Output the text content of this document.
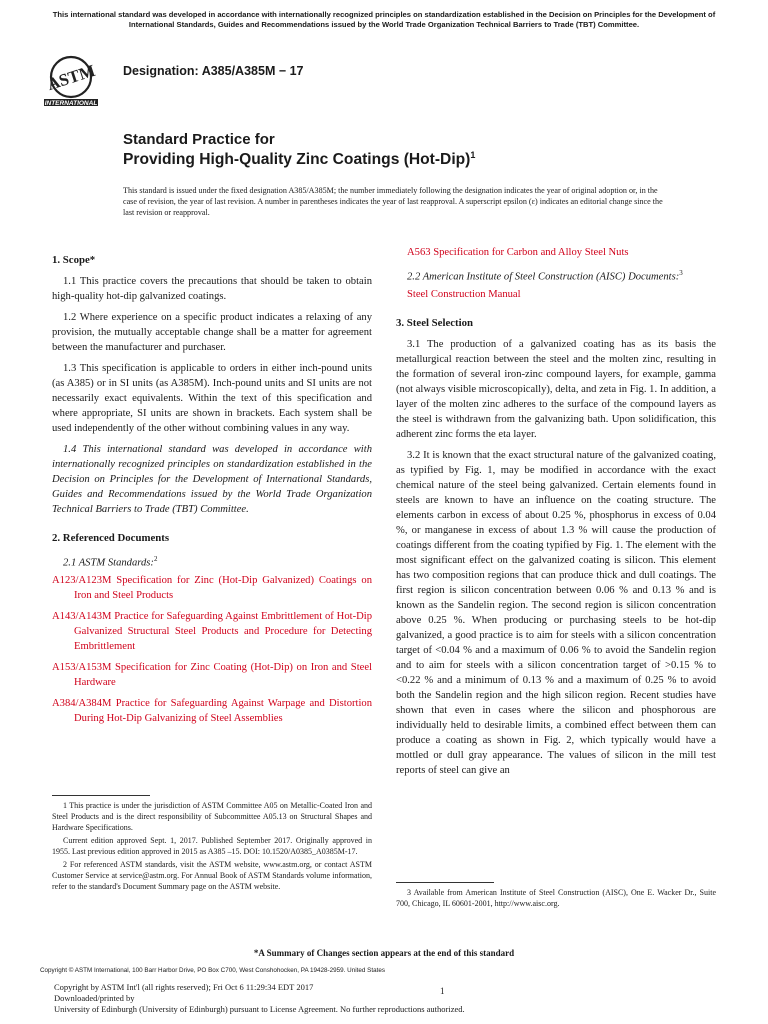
This international standard was developed in accordance with internationally recognized principles on standardization established in the Decision on Principles for the Development of International Standards, Guides and Recommendations issued by the World Trade Organization Technical Barriers to Trade (TBT) Committee.
ASTM
INTERNATIONAL
Designation: A385/A385M − 17
Standard Practice for
Providing High-Quality Zinc Coatings $(Hot-Dip)^1$
This standard is issued under the fixed designation A385/A385M; the number immediately following the designation indicates the year of original adoption or, in the case of revision, the year of last revision. A number in parentheses indicates the year of last reapproval. A superscript epsilon (ε) indicates an editorial change since the last revision or reapproval.
1. Scope*

1.1 This practice covers the precautions that should be taken to obtain high-quality hot-dip galvanized coatings.

1.2 Where experience on a specific product indicates a relaxing of any provision, the mutually acceptable change shall be a matter for agreement between the manufacturer and purchaser.

1.3 This specification is applicable to orders in either inch-pound units (as A385) or in SI units (as A385M). Inch-pound units and SI units are not necessarily exact equivalents. Within the text of this specification and where appropriate, SI units are shown in brackets. Each system shall be used independently of the other without combining values in any way.

1.4 This international standard was developed in accordance with internationally recognized principles on standardization established in the Decision on Principles for the Development of International Standards, Guides and Recommendations issued by the World Trade Organization Technical Barriers to Trade (TBT) Committee.

2. Referenced Documents

2.1 ASTM Standards:$^2$

A123/A123M Specification for Zinc (Hot-Dip Galvanized) Coatings on Iron and Steel Products

A143/A143M Practice for Safeguarding Against Embrittlement of Hot-Dip Galvanized Structural Steel Products and Procedure for Detecting Embrittlement

A153/A153M Specification for Zinc Coating (Hot-Dip) on Iron and Steel Hardware

A384/A384M Practice for Safeguarding Against Warpage and Distortion During Hot-Dip Galvanizing of Steel Assemblies

1 This practice is under the jurisdiction of ASTM Committee A05 on Metallic-Coated Iron and Steel Products and is the direct responsibility of Subcommittee A05.13 on Structural Shapes and Hardware Specifications.

Current edition approved Sept. 1, 2017. Published September 2017. Originally approved in 1955. Last previous edition approved in 2015 as A385 –15. DOI: 10.1520/A0385_A0385M-17.

2 For referenced ASTM standards, visit the ASTM website, www.astm.org, or contact ASTM Customer Service at service@astm.org. For Annual Book of ASTM Standards volume information, refer to the standard's Document Summary page on the ASTM website.

A563 Specification for Carbon and Alloy Steel Nuts

2.2 American Institute of Steel Construction (AISC) Documents:$^3$

Steel Construction Manual

3. Steel Selection

3.1 The production of a galvanized coating has as its basis the metallurgical reaction between the steel and the molten zinc, resulting in the formation of several iron-zinc compound layers, for example, gamma (not always visible microscopically), delta, and zeta in Fig. 1. In addition, a layer of the molten zinc adheres to the surface of the compound layers as the steel is withdrawn from the galvanizing bath. Upon solidification, this adherent zinc forms the eta layer.

3.2 It is known that the exact structural nature of the galvanized coating, as typified by Fig. 1, may be modified in accordance with the exact chemical nature of the steel being galvanized. Certain elements found in steels are known to have an influence on the coating structure. The elements carbon in excess of about 0.25 %, phosphorus in excess of 0.04 %, or manganese in excess of about 1.3 % will cause the production of coatings different from the coating typified by Fig. 1. The element with the most significant effect on the galvanized coating is silicon. This element has two composition regions that can produce thick and dull coatings. The first region is silicon concentration between 0.06 % and 0.13 % and is known as the Sandelin region. The second region is silicon concentration above 0.25 %. When producing or purchasing steels to be hot-dip galvanized, a good practice is to aim for steels with a silicon concentration target of <0.04 % and a maximum of 0.06 % to avoid the Sandelin region and to aim for steels with a silicon concentration target of >0.15 % to <0.22 % and a minimum of 0.13 % and a maximum of 0.25 % to avoid both the Sandelin region and the high silicon region. Recent studies have shown that even in cases where the silicon and phosphorous are individually held to desirable limits, a combined effect between them can produce a coating as shown in Fig. 2, which typically would have a mottled or dull gray appearance. The values of silicon in the mill test reports of steel can give an

3 Available from American Institute of Steel Construction (AISC), One E. Wacker Dr., Suite 700, Chicago, IL 60601-2001, http://www.aisc.org.

*A Summary of Changes section appears at the end of this standard
Copyright © ASTM International, 100 Barr Harbor Drive, PO Box C700, West Conshohocken, PA 19428-2959. United States
Copyright by ASTM Int'l (all rights reserved); Fri Oct 6 11:29:34 EDT 2017
Downloaded/printed by
University of Edinburgh (University of Edinburgh) pursuant to License Agreement. No further reproductions authorized.
1
